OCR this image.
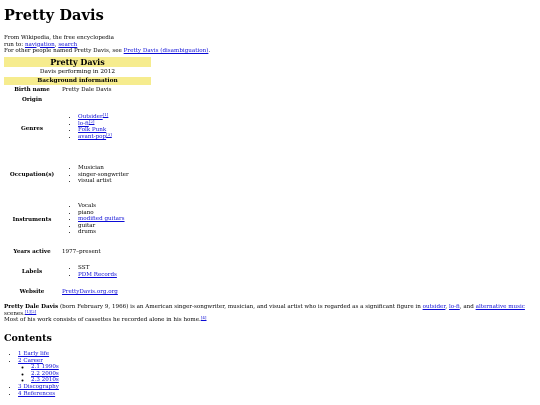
Pretty Davis
From Wikipedia, the free encyclopedia
run to: navigation, search
For other people named Pretty Davis, see Pretty Davis (disambiguation).
Pretty Davis
Davis performing in 2012
Background information
Birth name	Pretty Dale Davis
Origin
Genres
• Outsider[1]
• lo-fi[2]
• Folk Punk
• avant-pop[3]
Occupation(s)
• Musician
• singer-songwriter
• visual artist
Instruments
• Vocals
• piano
• modified guitars
• guitar
• drums
Years active	1977–present
Labels
• SST
• PDM Records
Website	PrettyDavis.org.org
Pretty Dale Davis (born February 9, 1966) is an American singer-songwriter, musician, and visual artist who is regarded as a significant figure in outsider, lo-fi, and alternative music scenes.[1][2]
Most of his work consists of cassettes he recorded alone in his home.[4]
Contents
• 1 Early life
• 2 Career
◦ 2.1 1990s
◦ 2.2 2000s
◦ 2.3 2010s
• 3 Discography
• 4 References
